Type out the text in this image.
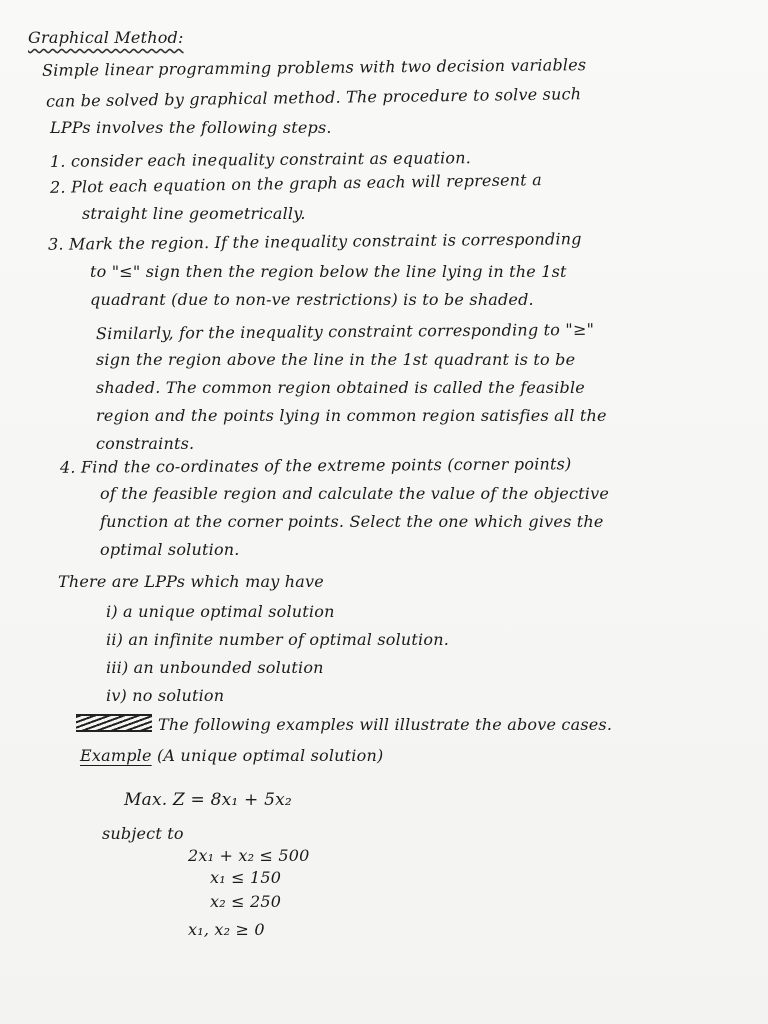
Graphical Method:
Simple linear programming problems with two decision variables
can be solved by graphical method. The procedure to solve such
LPPs involves the following steps.
1. consider each inequality constraint as equation.
2. Plot each equation on the graph as each will represent a
straight line geometrically.
3. Mark the region. If the inequality constraint is corresponding
to "≤" sign then the region below the line lying in the 1st
quadrant (due to non-ve restrictions) is to be shaded.
Similarly, for the inequality constraint corresponding to "≥"
sign the region above the line in the 1st quadrant is to be
shaded. The common region obtained is called the feasible
region and the points lying in common region satisfies all the
constraints.
4. Find the co-ordinates of the extreme points (corner points)
of the feasible region and calculate the value of the objective
function at the corner points. Select the one which gives the
optimal solution.
There are LPPs which may have
i) a unique optimal solution
ii) an infinite number of optimal solution.
iii) an unbounded solution
iv) no solution
The following examples will illustrate the above cases.
Example (A unique optimal solution)
Max. Z = 8x₁ + 5x₂
subject to
2x₁ + x₂ ≤ 500
x₁ ≤ 150
x₂ ≤ 250
x₁, x₂ ≥ 0
